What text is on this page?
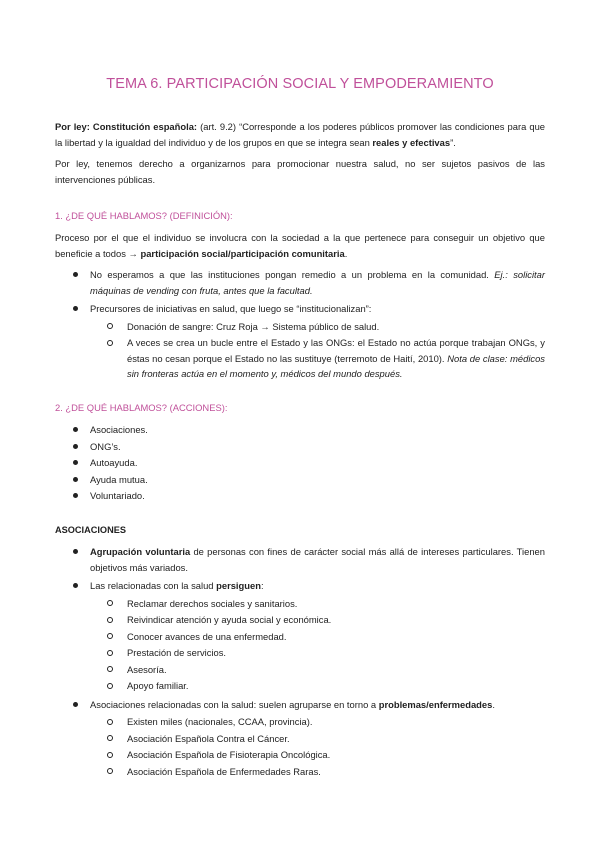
TEMA 6. PARTICIPACIÓN SOCIAL Y EMPODERAMIENTO
Por ley: Constitución española: (art. 9.2) “Corresponde a los poderes públicos promover las condiciones para que la libertad y la igualdad del individuo y de los grupos en que se integra sean reales y efectivas”.
Por ley, tenemos derecho a organizarnos para promocionar nuestra salud, no ser sujetos pasivos de las intervenciones públicas.
1. ¿DE QUÉ HABLAMOS? (DEFINICIÓN):
Proceso por el que el individuo se involucra con la sociedad a la que pertenece para conseguir un objetivo que beneficie a todos → participación social/participación comunitaria.
No esperamos a que las instituciones pongan remedio a un problema en la comunidad. Ej.: solicitar máquinas de vending con fruta, antes que la facultad.
Precursores de iniciativas en salud, que luego se “institucionalizan”:
Donación de sangre: Cruz Roja → Sistema público de salud.
A veces se crea un bucle entre el Estado y las ONGs: el Estado no actúa porque trabajan ONGs, y éstas no cesan porque el Estado no las sustituye (terremoto de Haití, 2010). Nota de clase: médicos sin fronteras actúa en el momento y, médicos del mundo después.
2. ¿DE QUÉ HABLAMOS? (ACCIONES):
Asociaciones.
ONG’s.
Autoayuda.
Ayuda mutua.
Voluntariado.
ASOCIACIONES
Agrupación voluntaria de personas con fines de carácter social más allá de intereses particulares. Tienen objetivos más variados.
Las relacionadas con la salud persiguen:
Reclamar derechos sociales y sanitarios.
Reivindicar atención y ayuda social y económica.
Conocer avances de una enfermedad.
Prestación de servicios.
Asesoría.
Apoyo familiar.
Asociaciones relacionadas con la salud: suelen agruparse en torno a problemas/enfermedades.
Existen miles (nacionales, CCAA, provincia).
Asociación Española Contra el Cáncer.
Asociación Española de Fisioterapia Oncológica.
Asociación Española de Enfermedades Raras.
